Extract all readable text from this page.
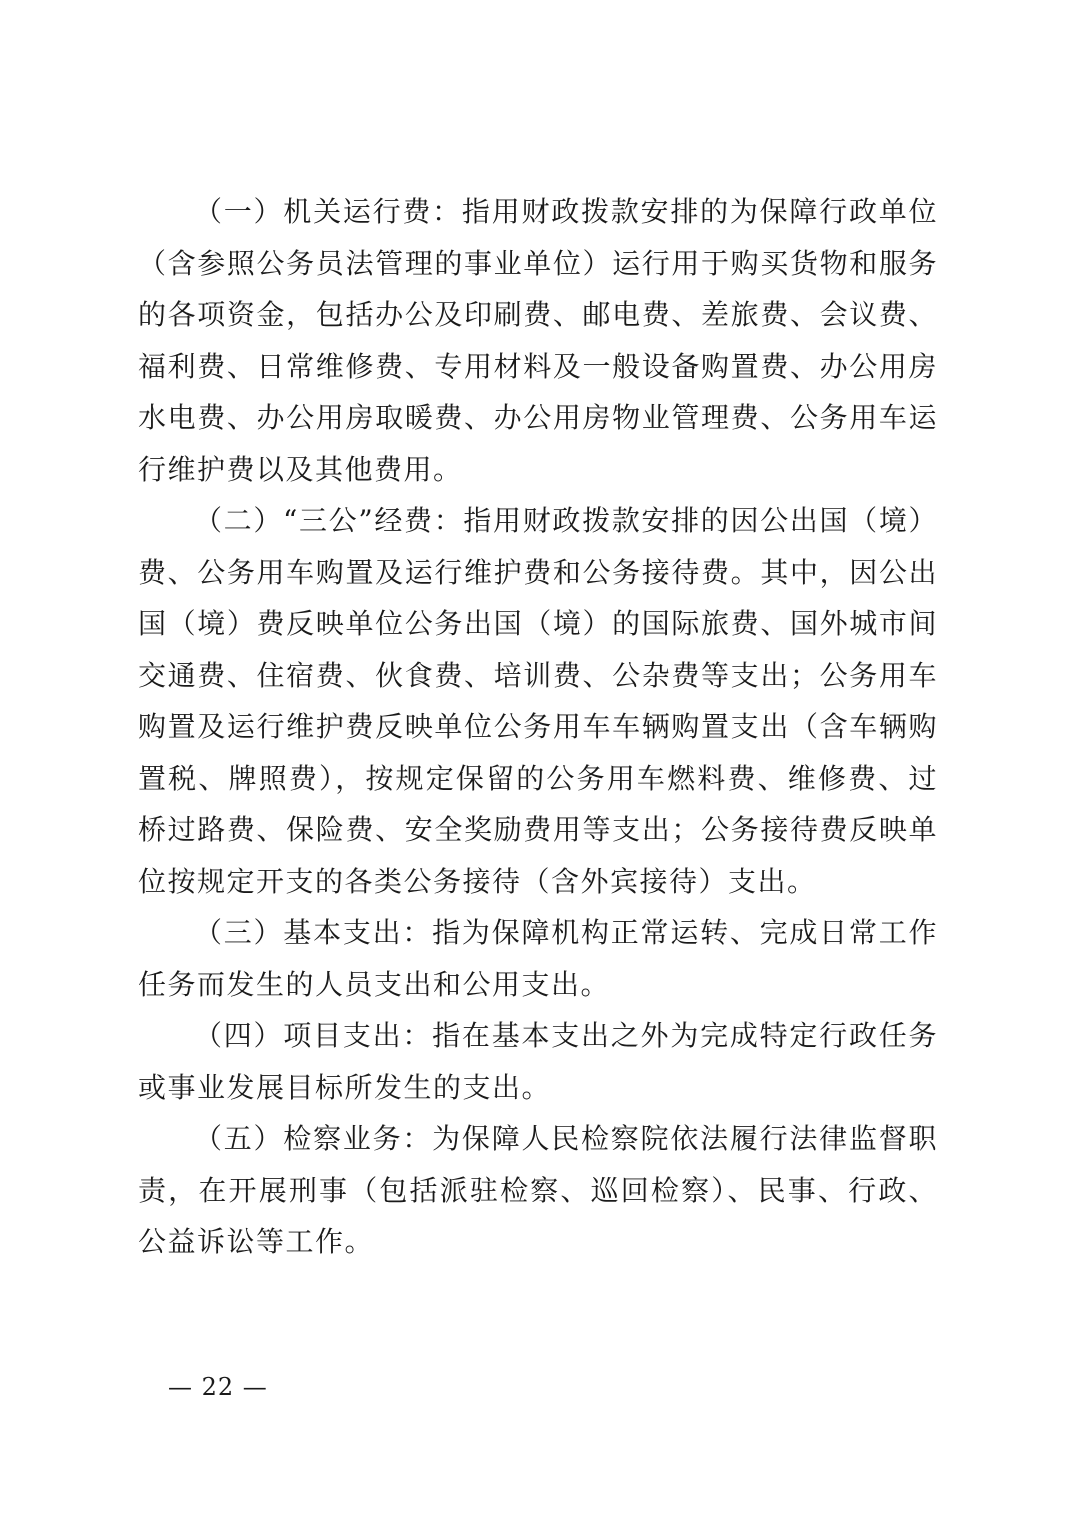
（一）机关运行费：指用财政拨款安排的为保障行政单位（含参照公务员法管理的事业单位）运行用于购买货物和服务的各项资金，包括办公及印刷费、邮电费、差旅费、会议费、福利费、日常维修费、专用材料及一般设备购置费、办公用房水电费、办公用房取暖费、办公用房物业管理费、公务用车运行维护费以及其他费用。

（二）“三公”经费：指用财政拨款安排的因公出国（境）费、公务用车购置及运行维护费和公务接待费。其中，因公出国（境）费反映单位公务出国（境）的国际旅费、国外城市间交通费、住宿费、伙食费、培训费、公杂费等支出；公务用车购置及运行维护费反映单位公务用车车辆购置支出（含车辆购置税、牌照费），按规定保留的公务用车燃料费、维修费、过桥过路费、保险费、安全奖励费用等支出；公务接待费反映单位按规定开支的各类公务接待（含外宾接待）支出。

（三）基本支出：指为保障机构正常运转、完成日常工作任务而发生的人员支出和公用支出。

（四）项目支出：指在基本支出之外为完成特定行政任务或事业发展目标所发生的支出。

（五）检察业务：为保障人民检察院依法履行法律监督职责，在开展刑事（包括派驻检察、巡回检察）、民事、行政、公益诉讼等工作。

— 22 —
